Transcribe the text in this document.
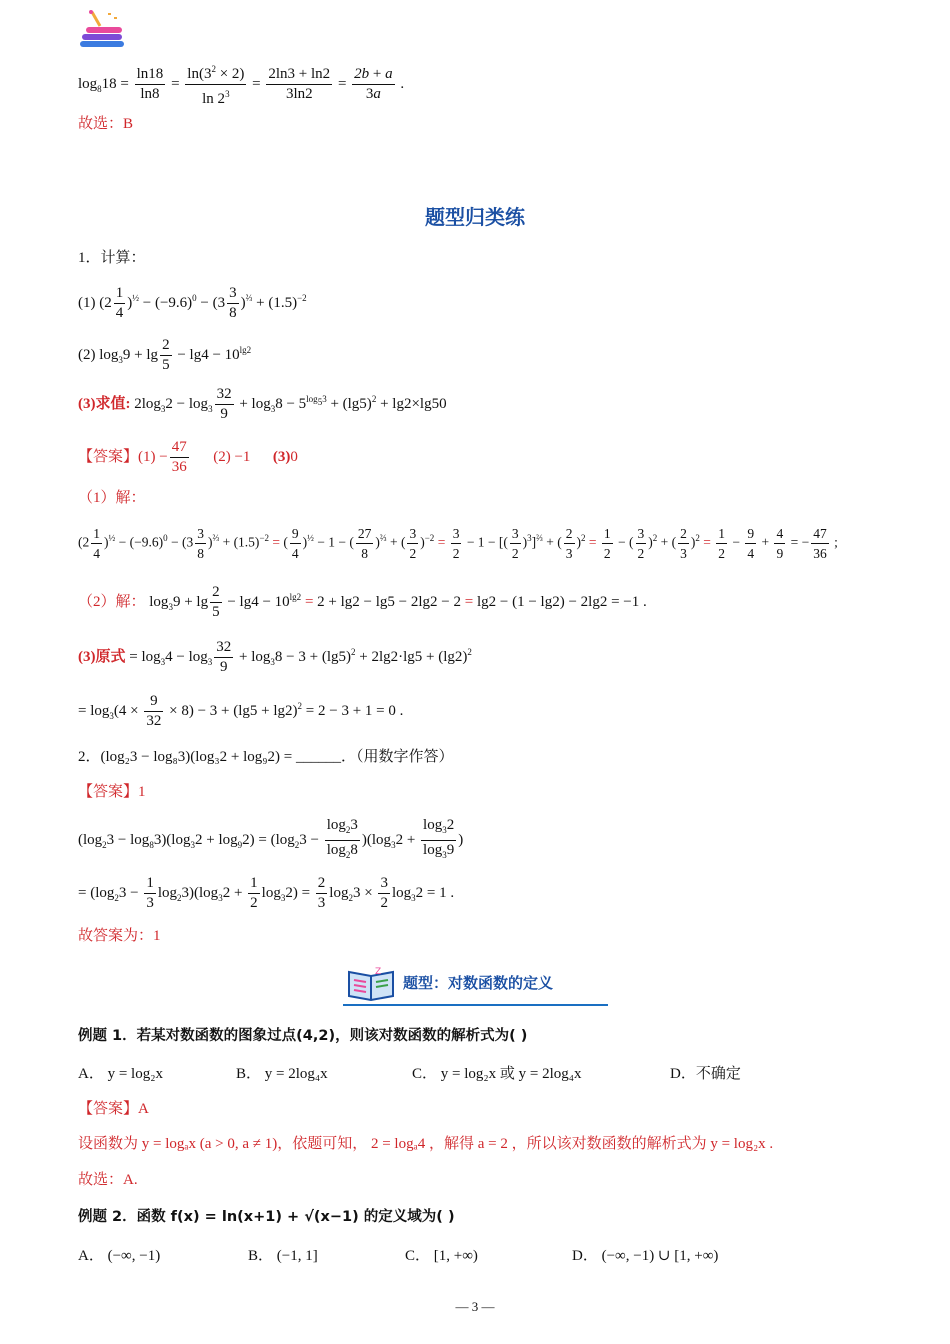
$\log_818 = \frac{\ln 18}{\ln 8} = \frac{\ln(3^2 \times 2)}{\ln 2^3} = \frac{2\ln 3 + \ln 2}{3\ln 2} = \frac{2b + a}{3a}$ .
故选：B
题型归类练
1．计算：
(1) $(2 \frac{1}{4} )^{\frac{1}{2}} - (-9.6)^0 - (3 \frac{3}{8} )^{\frac{2}{3}} + (1.5)^{-2}$
(2) $\log_39 + \lg \frac{2}{5} - \lg 4 - 10^{lg2}$
(3)求值: $2\log_32 - \log_3 \frac{32}{9} + \log_38 - 5^{log_53} + (\lg 5)^2 + \lg 2\times\lg 50$
【答案】$(1) - \frac{47}{36} (2) -1$      (3)0
（1）解：
$(2 \frac{1}{4} )^{\frac{1}{2}} - (-9.6)^0 - (3 \frac{3}{8} )^{\frac{2}{3}} + (1.5)^{-2}$ = ( $\frac{9}{4} )^{\frac{1}{2}} - 1$ − ( $\frac{27}{8} )^{\frac{2}{3}}$ + ( $\frac{3}{2} )^{-2} = \frac{3}{2} - 1$ − [( $\frac{3}{2} )^3]^{\frac{2}{3}}$ + ( $\frac{2}{3} )^2 = \frac{1}{2}$ − ( $\frac{3}{2} )^2$ + ( $\frac{2}{3} )^2 = \frac{1}{2} - \frac{9}{4} + \frac{4}{9}$ = − $\frac{47}{36}$ ;
（2）解： $\log_39 + \lg \frac{2}{5} - \lg 4 - 10^{lg2} = 2 + \lg 2 - \lg 5 - 2\lg 2 - 2 = \lg 2 - (1 - \lg 2) - 2\lg 2 = -1$ .
(3)原式 = $\log_34 - \log_3 \frac{32}{9} + \log_38 - 3 + (\lg 5)^2 + 2\lg 2\cdot\lg 5 + (\lg 2)^2$
= $\log_3(4 \times \frac{9}{32} \times 8) - 3 + (\lg 5 + \lg 2)^2 = 2 - 3 + 1 = 0$ .
2．(log₂3 − log₈3)(log₃2 + log₉2) = ______．（用数字作答）
【答案】1
$(\log_23 - \log_83)(\log_32 + \log_92) = (\log_23 - \frac{\log_23}{\log_28} )(\log_32 + \frac{\log_32}{\log_39}$ )
= $(\log_23 - \frac{1}{3} \log_23)(\log_32 + \frac{1}{2} \log_32) = \frac{2}{3} \log_23 \times \frac{3}{2} \log_32 = 1$ .
故答案为：1
Z
题型：对数函数的定义
例题 1．若某对数函数的图象过点(4,2)，则该对数函数的解析式为( )
A． y = log₂x	B． y = 2log₄x	C． y = log₂x 或 y = 2log₄x	D．不确定
【答案】A
设函数为 y = logₐx (a > 0, a ≠ 1)，依题可知， 2 = logₐ4 ，解得 a = 2 ，所以该对数函数的解析式为 y = log₂x .
故选：A.
例题 2．函数 f(x) = ln(x+1) + √(x−1) 的定义域为( )
A． (−∞, −1)	B． (−1, 1]	C． [1, +∞)	D． (−∞, −1) ∪ [1, +∞)
— 3 —
